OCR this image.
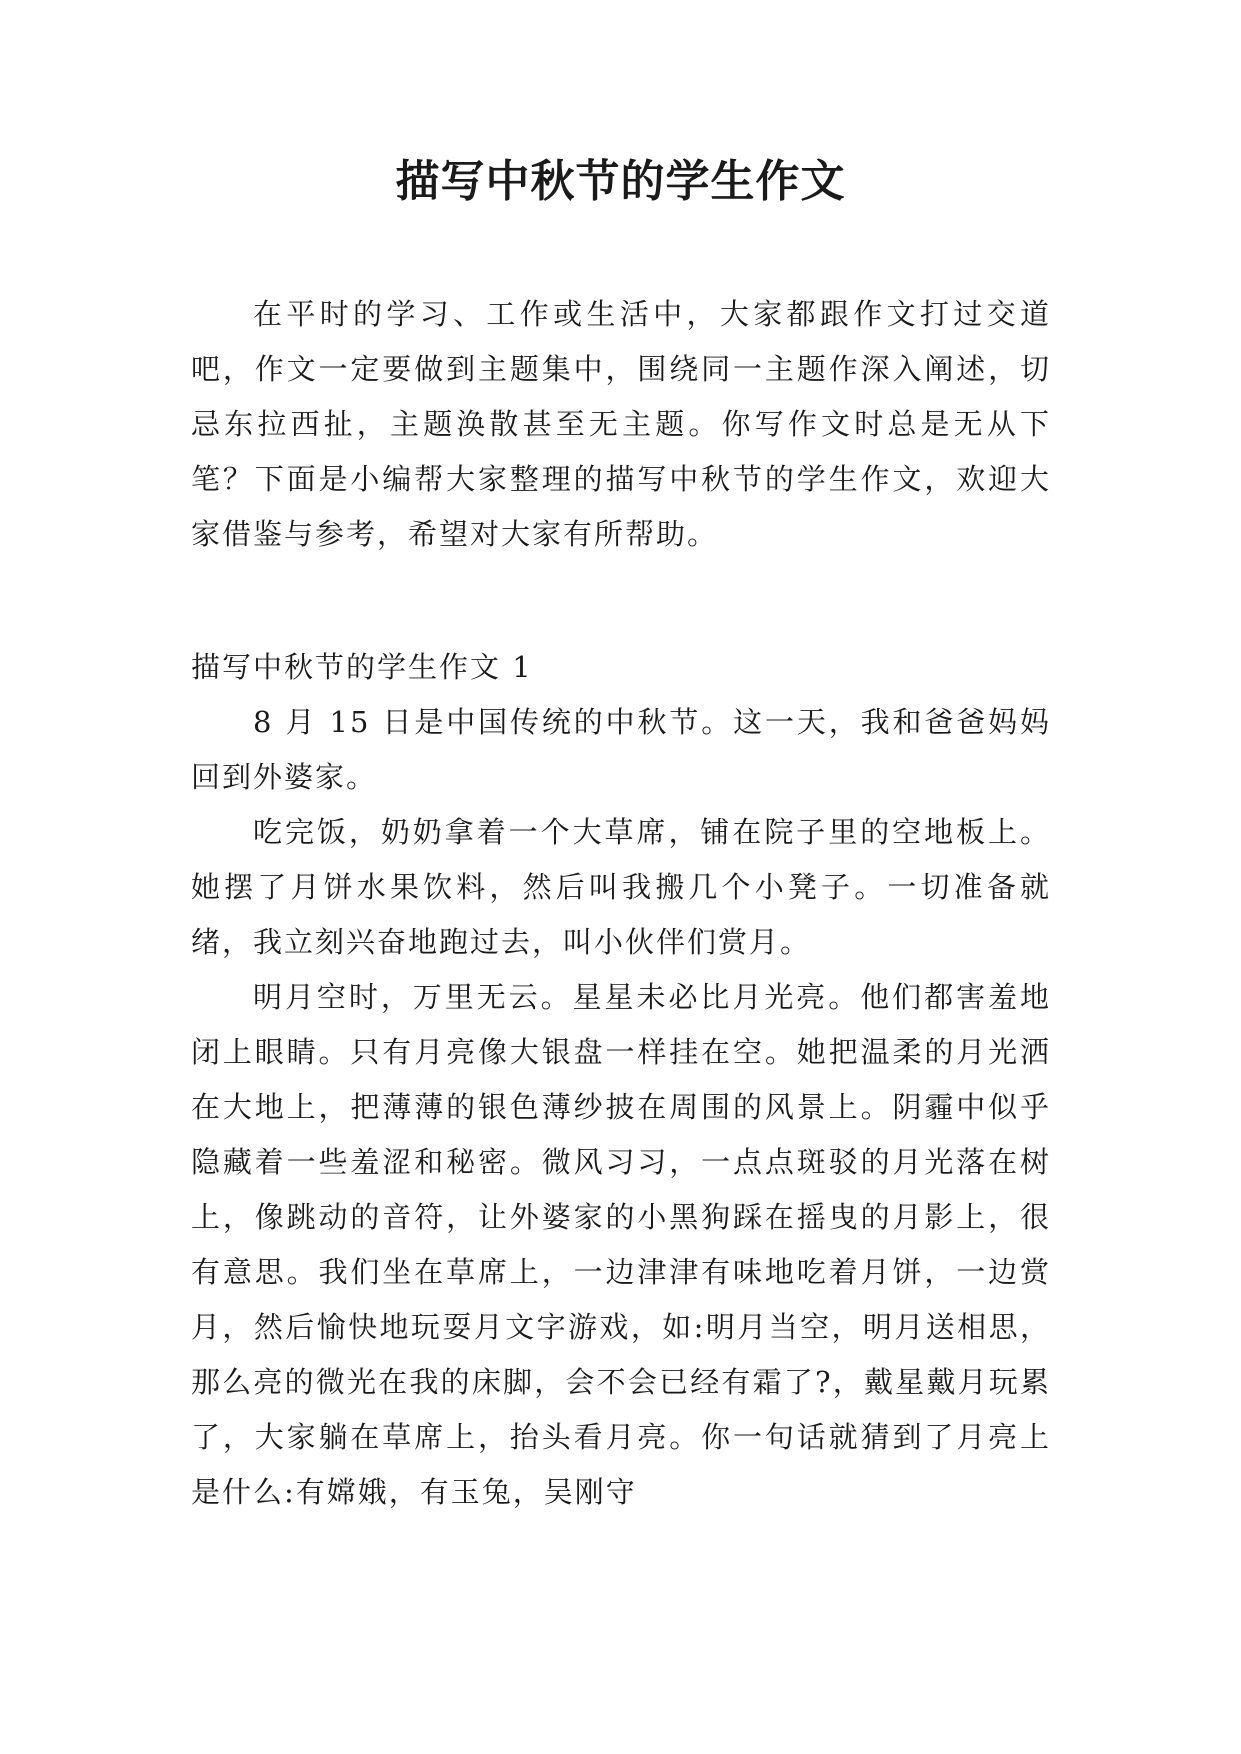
描写中秋节的学生作文

在平时的学习、工作或生活中，大家都跟作文打过交道吧，作文一定要做到主题集中，围绕同一主题作深入阐述，切忌东拉西扯，主题涣散甚至无主题。你写作文时总是无从下笔？下面是小编帮大家整理的描写中秋节的学生作文，欢迎大家借鉴与参考，希望对大家有所帮助。

描写中秋节的学生作文 1

8 月 15 日是中国传统的中秋节。这一天，我和爸爸妈妈回到外婆家。

吃完饭，奶奶拿着一个大草席，铺在院子里的空地板上。她摆了月饼水果饮料，然后叫我搬几个小凳子。一切准备就绪，我立刻兴奋地跑过去，叫小伙伴们赏月。

明月空时，万里无云。星星未必比月光亮。他们都害羞地闭上眼睛。只有月亮像大银盘一样挂在空。她把温柔的月光洒在大地上，把薄薄的银色薄纱披在周围的风景上。阴霾中似乎隐藏着一些羞涩和秘密。微风习习，一点点斑驳的月光落在树上，像跳动的音符，让外婆家的小黑狗踩在摇曳的月影上，很有意思。我们坐在草席上，一边津津有味地吃着月饼，一边赏月，然后愉快地玩耍月文字游戏，如:明月当空，明月送相思，那么亮的微光在我的床脚，会不会已经有霜了?，戴星戴月玩累了，大家躺在草席上，抬头看月亮。你一句话就猜到了月亮上是什么:有嫦娥，有玉兔，吴刚守
